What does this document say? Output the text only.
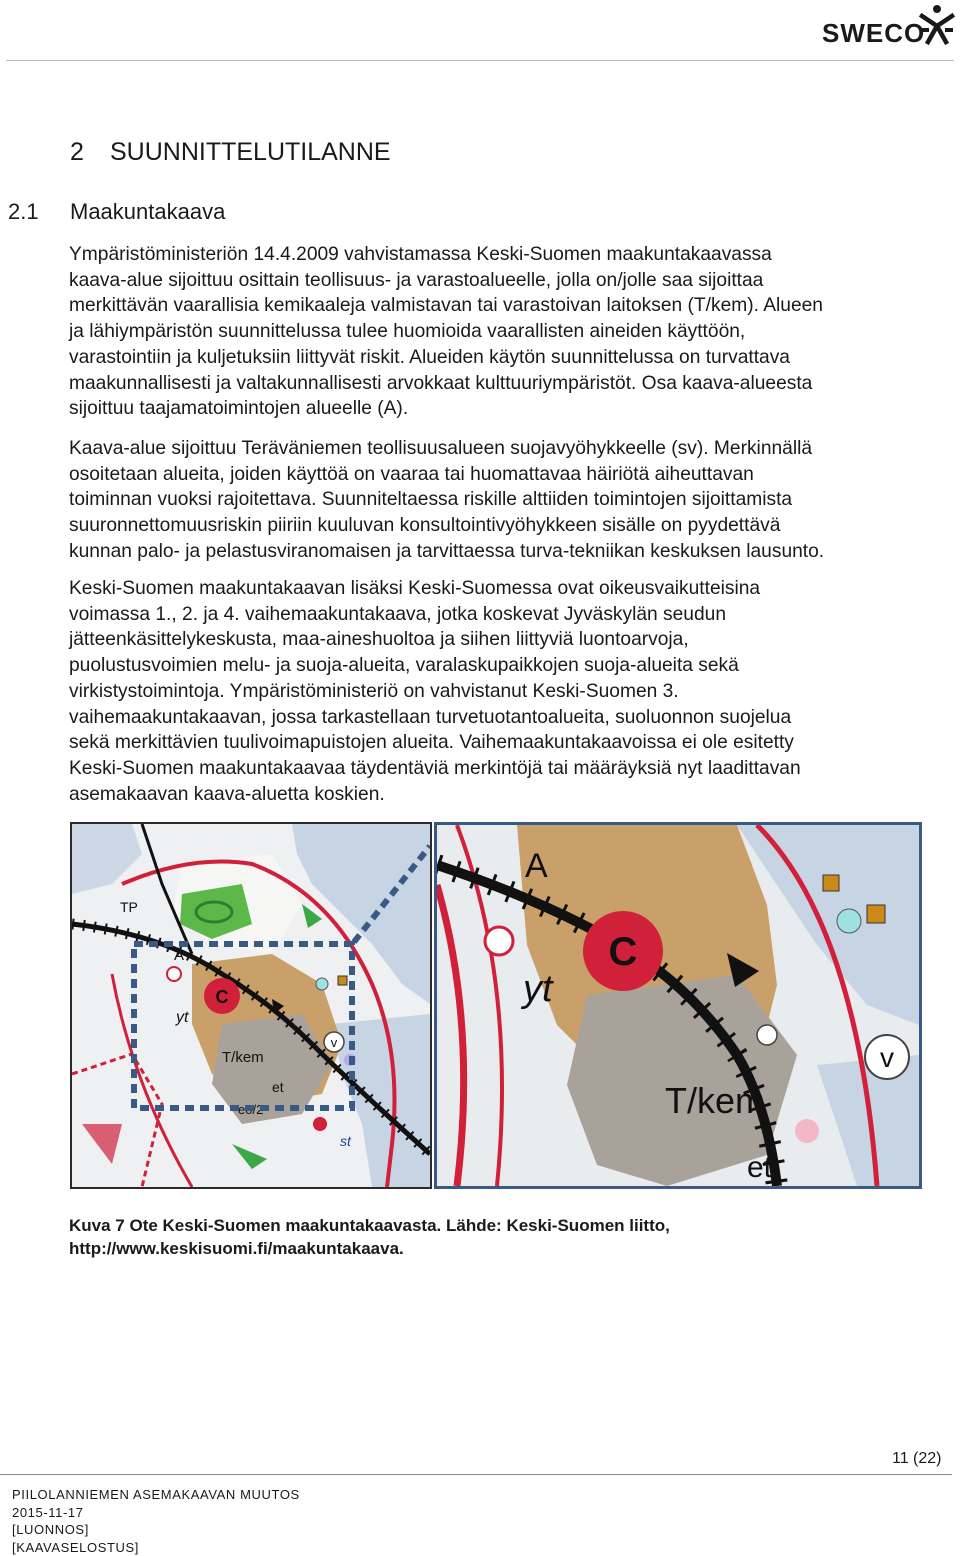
SWECO
2 SUUNNITTELUTILANNE
2.1 Maakuntakaava
Ympäristöministeriön 14.4.2009 vahvistamassa Keski-Suomen maakuntakaavassa
kaava-alue sijoittuu osittain teollisuus- ja varastoalueelle, jolla on/jolle saa sijoittaa
merkittävän vaarallisia kemikaaleja valmistavan tai varastoivan laitoksen (T/kem). Alueen
ja lähiympäristön suunnittelussa tulee huomioida vaarallisten aineiden käyttöön,
varastointiin ja kuljetuksiin liittyvät riskit. Alueiden käytön suunnittelussa on turvattava
maakunnallisesti ja valtakunnallisesti arvokkaat kulttuuriympäristöt. Osa kaava-alueesta
sijoittuu taajamatoimintojen alueelle (A).
Kaava-alue sijoittuu Teräväniemen teollisuusalueen suojavyöhykkeelle (sv). Merkinnällä
osoitetaan alueita, joiden käyttöä on vaaraa tai huomattavaa häiriötä aiheuttavan
toiminnan vuoksi rajoitettava. Suunniteltaessa riskille alttiiden toimintojen sijoittamista
suuronnettomuusriskin piiriin kuuluvan konsultointivyöhykkeen sisälle on pyydettävä
kunnan palo- ja pelastusviranomaisen ja tarvittaessa turva-tekniikan keskuksen lausunto.
Keski-Suomen maakuntakaavan lisäksi Keski-Suomessa ovat oikeusvaikutteisina
voimassa 1., 2. ja 4. vaihemaakuntakaava, jotka koskevat Jyväskylän seudun
jätteenkäsittelykeskusta, maa-aineshuoltoa ja siihen liittyviä luontoarvoja,
puolustusvoimien melu- ja suoja-alueita, varalaskupaikkojen suoja-alueita sekä
virkistystoimintoja. Ympäristöministeriö on vahvistanut Keski-Suomen 3.
vaihemaakuntakaavan, jossa tarkastellaan turvetuotantoalueita, suoluonnon suojelua
sekä merkittävien tuulivoimapuistojen alueita. Vaihemaakuntakaavoissa ei ole esitetty
Keski-Suomen maakuntakaavaa täydentäviä merkintöjä tai määräyksiä nyt laadittavan
asemakaavan kaava-aluetta koskien.
C
v
TP
A
yt
T/kem
et
eo/2
st
C
v
A
yt
T/kem
et
Kuva 7 Ote Keski-Suomen maakuntakaavasta. Lähde: Keski-Suomen liitto,
http://www.keskisuomi.fi/maakuntakaava.
11 (22)
PIILOLANNIEMEN ASEMAKAAVAN MUUTOS
2015-11-17
[LUONNOS]
[KAAVASELOSTUS]
